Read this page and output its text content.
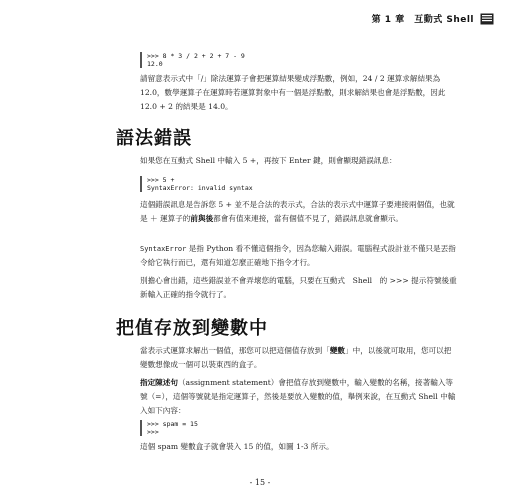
第 1 章　互動式 Shell
>>> 8 * 3 / 2 + 2 + 7 - 9
12.0
請留意表示式中「/」除法運算子會把運算結果變成浮點數，例如，24 / 2 運算求解結果為 12.0，數學運算子在運算時若運算對象中有一個是浮點數，則求解結果也會是浮點數，因此 12.0 + 2 的結果是 14.0。
語法錯誤
如果您在互動式 Shell 中輸入 5 +，再按下 Enter 鍵，則會顯現錯誤訊息：
>>> 5 +
SyntaxError: invalid syntax
這個錯誤訊息是告訴您 5 + 並不是合法的表示式，合法的表示式中運算子要連接兩個值，也就是 ＋ 運算子的前與後都會有值來連接，當有個值不見了，錯誤訊息就會顯示。
SyntaxError 是指 Python 看不懂這個指令，因為您輸入錯誤。電腦程式設計並不僅只是丟指令給它執行而已，還有知道怎麼正確地下指令才行。
別擔心會出錯，這些錯誤並不會弄壞您的電腦，只要在互動式　Shell　的 >>> 提示符號後重新輸入正確的指令就行了。
把值存放到變數中
當表示式運算求解出一個值，那您可以把這個值存放到「變數」中，以後就可取用，您可以把變數想像成一個可以裝東西的盒子。
指定陳述句（assignment statement）會把值存放到變數中，輸入變數的名稱，接著輸入等號（=），這個等號就是指定運算子，然後是要放入變數的值，舉例來說，在互動式 Shell 中輸入如下內容：
>>> spam = 15
>>>
這個 spam 變數盒子就會裝入 15 的值，如圖 1-3 所示。
- 15 -
